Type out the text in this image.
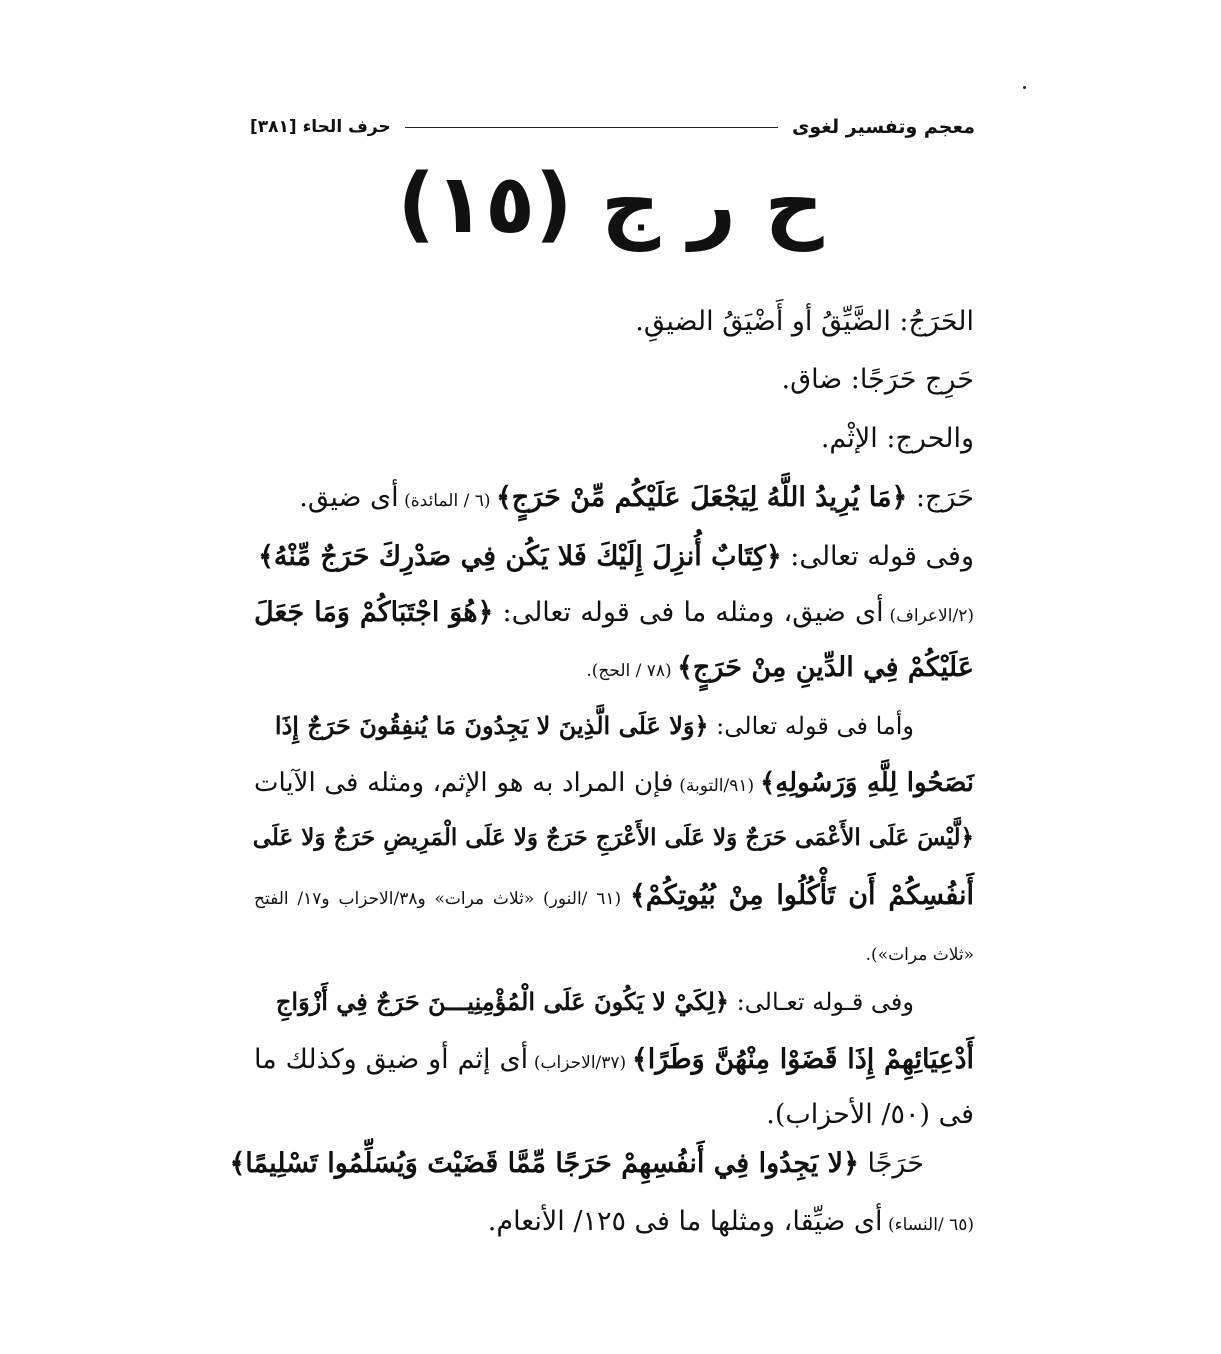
معجم وتفسير لغوى
حرف الحاء [٣٨١]
ح ر ج (١٥)
الحَرَجُ: الضَّيِّقُ أو أَضْيَقُ الضيقِ.
حَرِج حَرَجًا: ضاق.
والحرج: الإثْم.
حَرَج: ﴿مَا يُرِيدُ اللَّهُ لِيَجْعَلَ عَلَيْكُم مِّنْ حَرَجٍ﴾ (٦ / المائدة) أى ضيق.
وفى قوله تعالى: ﴿كِتَابٌ أُنزِلَ إِلَيْكَ فَلا يَكُن فِي صَدْرِكَ حَرَجٌ مِّنْهُ﴾
(٢/الاعراف) أى ضيق، ومثله ما فى قوله تعالى: ﴿هُوَ اجْتَبَاكُمْ وَمَا جَعَلَ
عَلَيْكُمْ فِي الدِّينِ مِنْ حَرَجٍ﴾ (٧٨ / الحج).
وأما فى قوله تعالى: ﴿وَلا عَلَى الَّذِينَ لا يَجِدُونَ مَا يُنفِقُونَ حَرَجٌ إِذَا
نَصَحُوا لِلَّهِ وَرَسُولِهِ﴾ (٩١/التوبة) فإن المراد به هو الإثم، ومثله فى الآيات
﴿لَّيْسَ عَلَى الأَعْمَى حَرَجٌ وَلا عَلَى الأَعْرَجِ حَرَجٌ وَلا عَلَى الْمَرِيضِ حَرَجٌ وَلا عَلَى
أَنفُسِكُمْ أَن تَأْكُلُوا مِنْ بُيُوتِكُمْ﴾ (٦١ /النور) «ثلاث مرات» و٣٨/الاحزاب و١٧/ الفتح
«ثلاث مرات»).
وفى قـوله تعـالى: ﴿لِكَيْ لا يَكُونَ عَلَى الْمُؤْمِنِيـــنَ حَرَجٌ فِي أَزْوَاجِ
أَدْعِيَائِهِمْ إِذَا قَضَوْا مِنْهُنَّ وَطَرًا﴾ (٣٧/الاحزاب) أى إثم أو ضيق وكذلك ما
فى (٥٠/ الأحزاب).
حَرَجًا ﴿لا يَجِدُوا فِي أَنفُسِهِمْ حَرَجًا مِّمَّا قَضَيْتَ وَيُسَلِّمُوا تَسْلِيمًا﴾
(٦٥ /النساء) أى ضيِّقا، ومثلها ما فى ١٢٥/ الأنعام.
